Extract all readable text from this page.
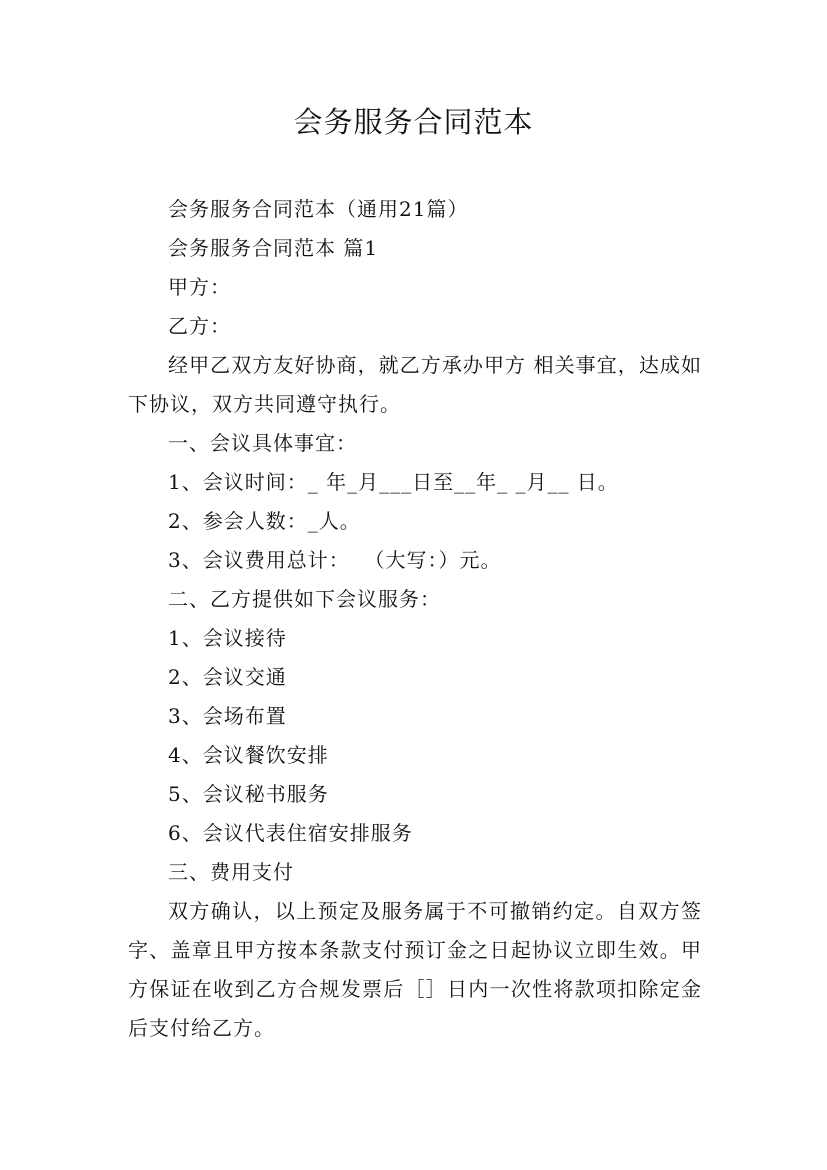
会务服务合同范本

会务服务合同范本（通用21篇）

会务服务合同范本 篇1

甲方：

乙方：

经甲乙双方友好协商，就乙方承办甲方 相关事宜，达成如下协议，双方共同遵守执行。

一、会议具体事宜：

1、会议时间：_ 年_月___日至__年_ _月__ 日。

2、参会人数：_人。

3、会议费用总计：  （大写：）元。

二、乙方提供如下会议服务：

1、会议接待

2、会议交通

3、会场布置

4、会议餐饮安排

5、会议秘书服务

6、会议代表住宿安排服务

三、费用支付

双方确认，以上预定及服务属于不可撤销约定。自双方签字、盖章且甲方按本条款支付预订金之日起协议立即生效。甲方保证在收到乙方合规发票后［］日内一次性将款项扣除定金后支付给乙方。
